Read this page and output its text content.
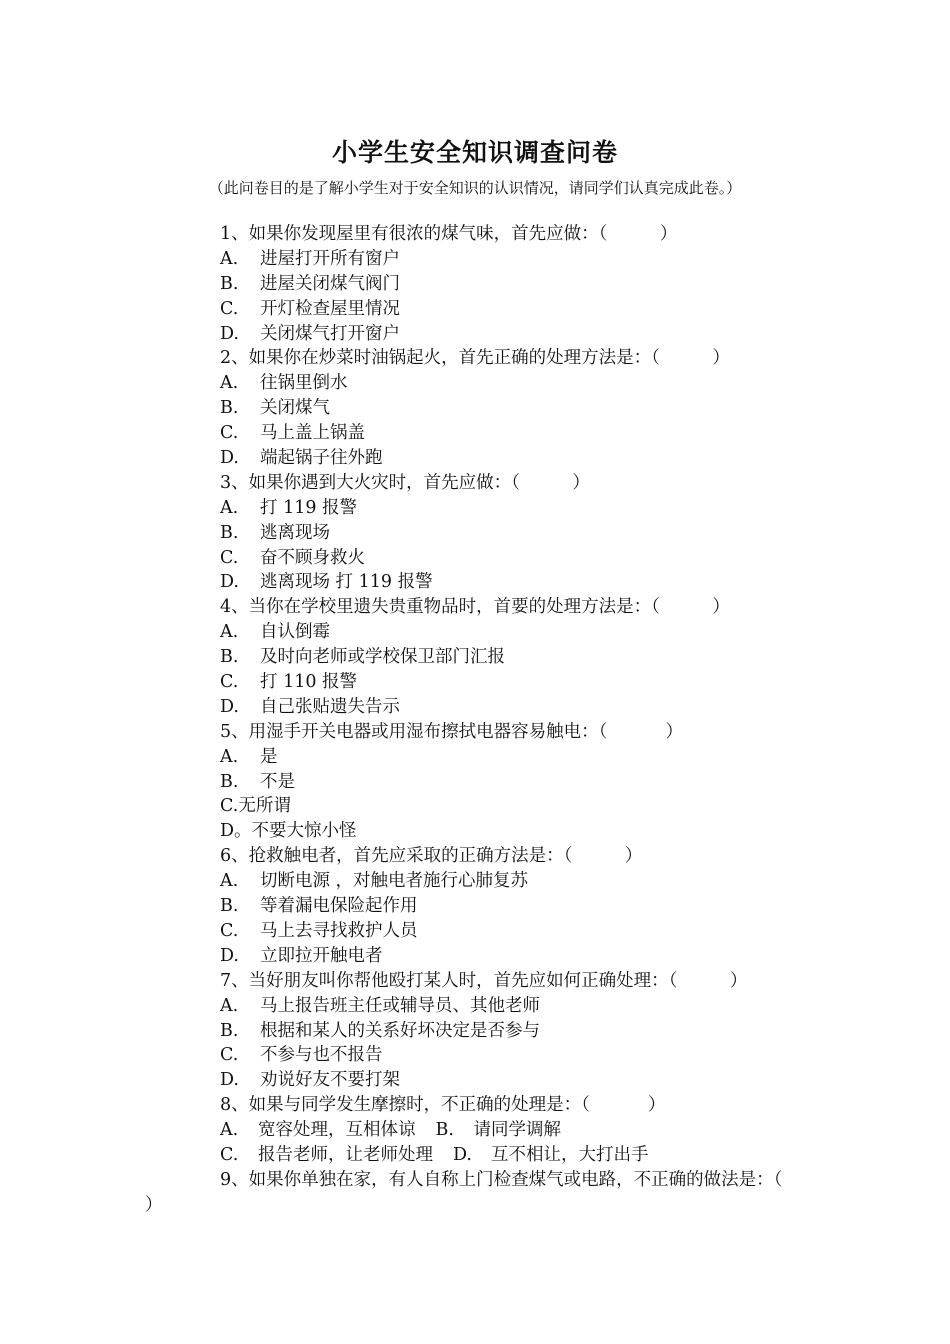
小学生安全知识调查问卷

（此问卷目的是了解小学生对于安全知识的认识情况，请同学们认真完成此卷。）

1、如果你发现屋里有很浓的煤气味，首先应做：（　　　）
A. 进屋打开所有窗户
B. 进屋关闭煤气阀门
C. 开灯检查屋里情况
D. 关闭煤气打开窗户
2、如果你在炒菜时油锅起火，首先正确的处理方法是：（　　　）
A. 往锅里倒水
B. 关闭煤气
C. 马上盖上锅盖
D. 端起锅子往外跑
3、如果你遇到大火灾时，首先应做：（　　　）
A. 打 119 报警
B. 逃离现场
C. 奋不顾身救火
D. 逃离现场 打 119 报警
4、当你在学校里遗失贵重物品时，首要的处理方法是：（　　　）
A. 自认倒霉
B. 及时向老师或学校保卫部门汇报
C. 打 110 报警
D. 自己张贴遗失告示
5、用湿手开关电器或用湿布擦拭电器容易触电：（　　　 ）
A. 是
B. 不是
C.无所谓
D。不要大惊小怪
6、抢救触电者，首先应采取的正确方法是：（　　　）
A. 切断电源 ，对触电者施行心肺复苏
B. 等着漏电保险起作用
C. 马上去寻找救护人员
D. 立即拉开触电者
7、当好朋友叫你帮他殴打某人时，首先应如何正确处理：（　　　）
A. 马上报告班主任或辅导员、其他老师
B. 根据和某人的关系好坏决定是否参与
C. 不参与也不报告
D. 劝说好友不要打架
8、如果与同学发生摩擦时，不正确的处理是：（　　　 ）
A. 宽容处理，互相体谅 B. 请同学调解
C. 报告老师，让老师处理 D. 互不相让，大打出手
9、如果你单独在家，有人自称上门检查煤气或电路，不正确的做法是：（
）
